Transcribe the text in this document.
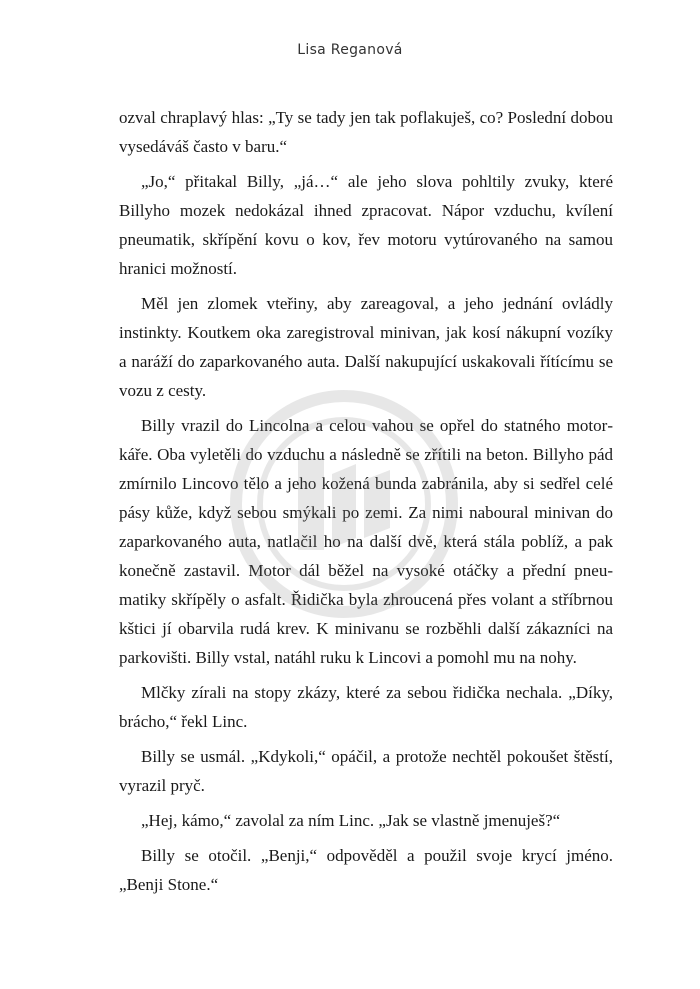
Lisa Reganová

ozval chraplavý hlas: „Ty se tady jen tak poflakuješ, co? Poslední dobou vysedáváš často v baru.“

„Jo,“ přitakal Billy, „já…“ ale jeho slova pohltily zvuky, které Billyho mozek nedokázal ihned zpracovat. Nápor vzduchu, kvílení pneumatik, skřípění kovu o kov, řev motoru vytúrovaného na samou hranici možností.

Měl jen zlomek vteřiny, aby zareagoval, a jeho jednání ovládly instinkty. Koutkem oka zaregistroval minivan, jak kosí nákupní vozíky a naráží do zaparkovaného auta. Další nakupující uskakovali řítícímu se vozu z cesty.

Billy vrazil do Lincolna a celou vahou se opřel do statného motorkáře. Oba vyletěli do vzduchu a následně se zřítili na beton. Billyho pád zmírnilo Lincovo tělo a jeho kožená bunda zabránila, aby si sedřel celé pásy kůže, když sebou smýkali po zemi. Za nimi naboural minivan do zaparkovaného auta, natlačil ho na další dvě, která stála poblíž, a pak konečně zastavil. Motor dál běžel na vysoké otáčky a přední pneumatiky skřípěly o asfalt. Řidička byla zhroucená přes volant a stříbrnou kštici jí obarvila rudá krev. K minivanu se rozběhli další zákazníci na parkovišti. Billy vstal, natáhl ruku k Lincovi a pomohl mu na nohy.

Mlčky zírali na stopy zkázy, které za sebou řidička nechala. „Díky, brácho,“ řekl Linc.

Billy se usmál. „Kdykoli,“ opáčil, a protože nechtěl pokoušet štěstí, vyrazil pryč.

„Hej, kámo,“ zavolal za ním Linc. „Jak se vlastně jmenuješ?“

Billy se otočil. „Benji,“ odpověděl a použil svoje krycí jméno. „Benji Stone.“
